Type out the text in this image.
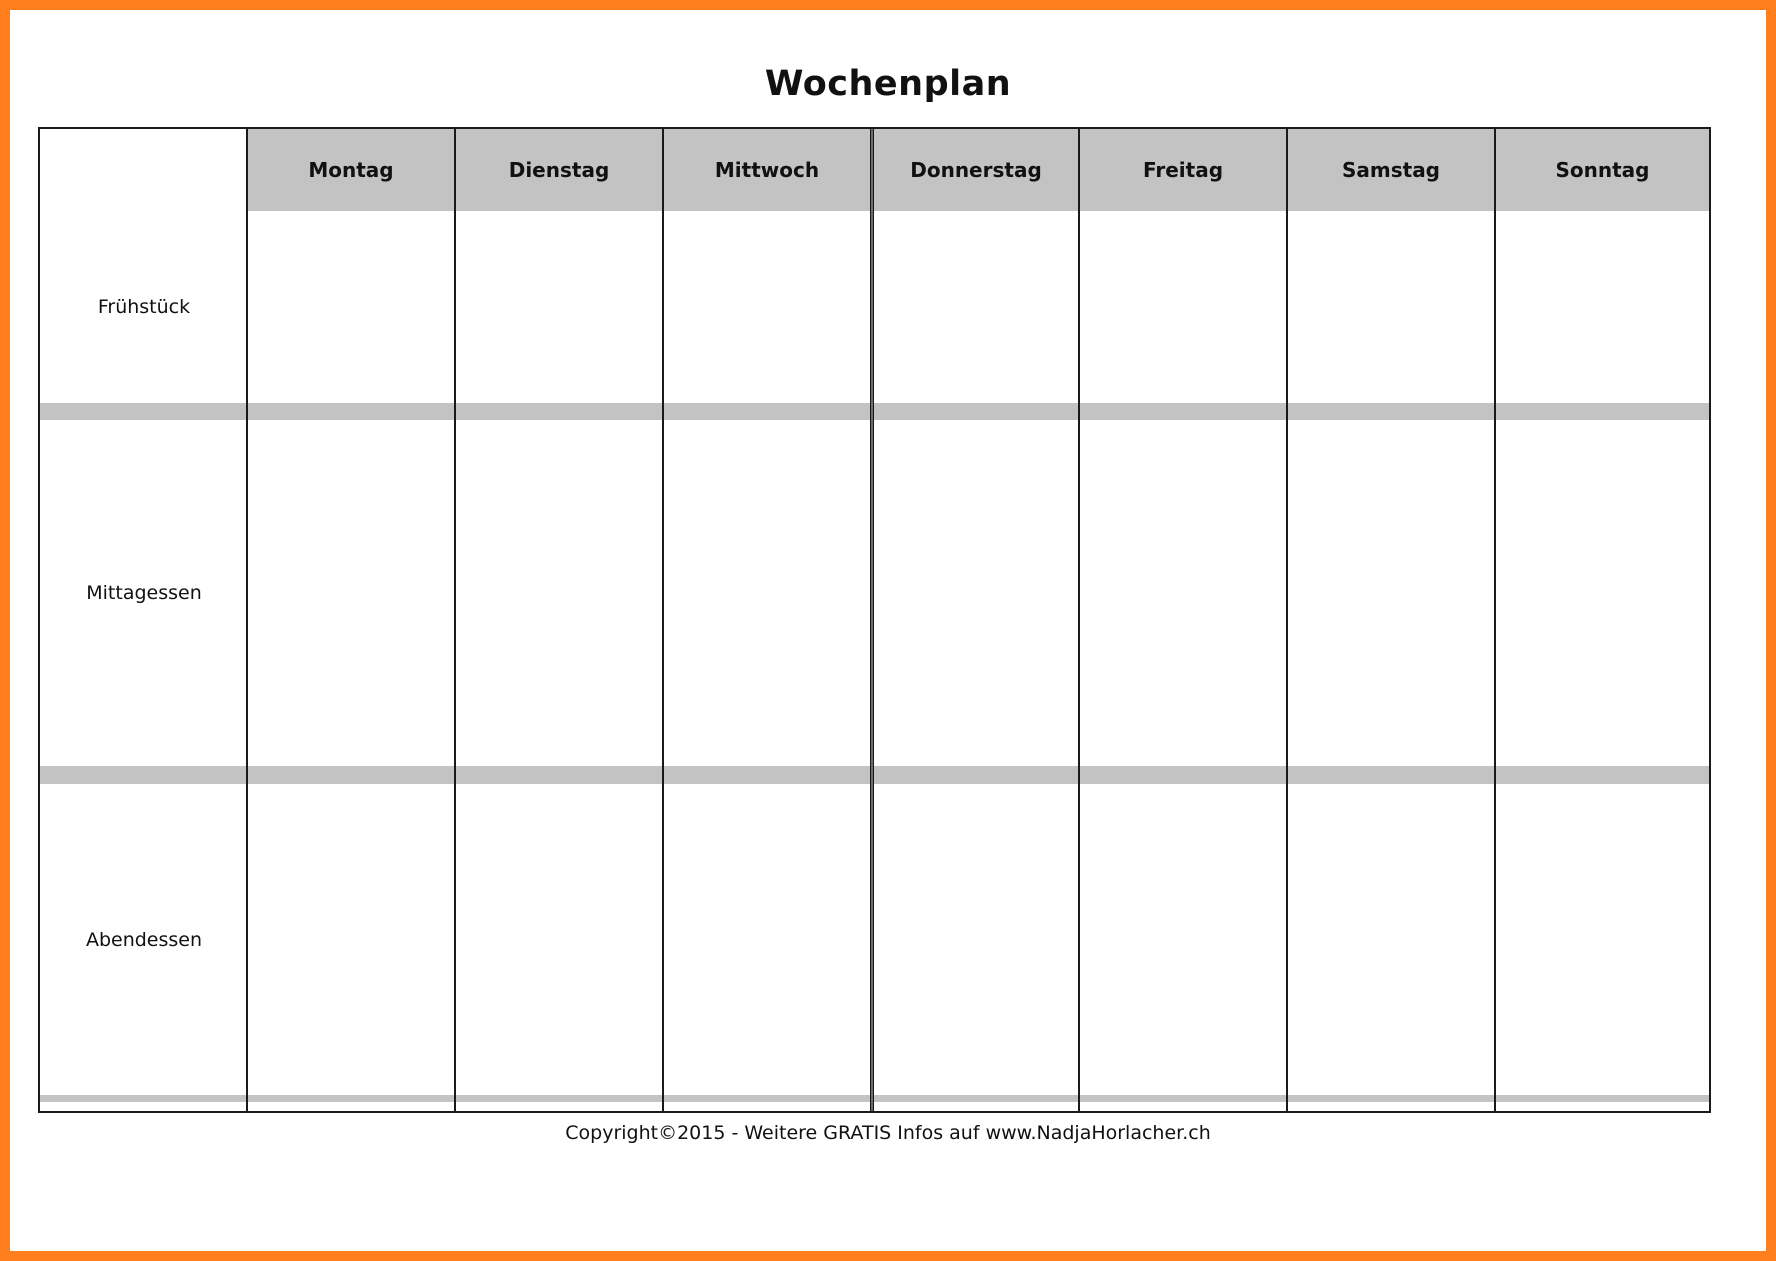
Wochenplan
Montag	Dienstag	Mittwoch	Donnerstag	Freitag	Samstag	Sonntag
Frühstück
Mittagessen
Abendessen
Copyright©2015 - Weitere GRATIS Infos auf www.NadjaHorlacher.ch
